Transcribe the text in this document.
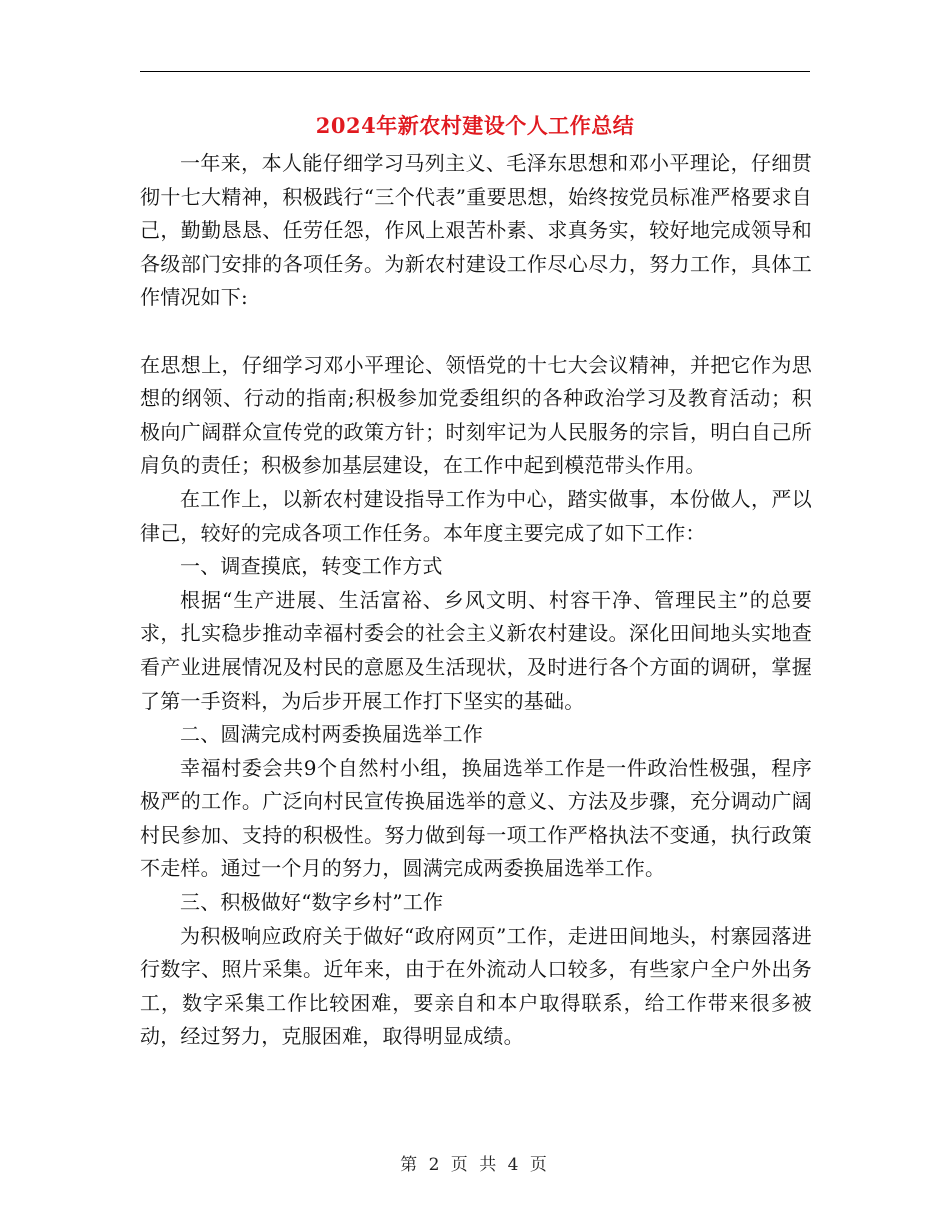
2024年新农村建设个人工作总结

一年来，本人能仔细学习马列主义、毛泽东思想和邓小平理论，仔细贯彻十七大精神，积极践行“三个代表”重要思想，始终按党员标准严格要求自己，勤勤恳恳、任劳任怨，作风上艰苦朴素、求真务实，较好地完成领导和各级部门安排的各项任务。为新农村建设工作尽心尽力，努力工作，具体工作情况如下:

在思想上，仔细学习邓小平理论、领悟党的十七大会议精神，并把它作为思想的纲领、行动的指南;积极参加党委组织的各种政治学习及教育活动；积极向广阔群众宣传党的政策方针；时刻牢记为人民服务的宗旨，明白自己所肩负的责任；积极参加基层建设，在工作中起到模范带头作用。

在工作上，以新农村建设指导工作为中心，踏实做事，本份做人，严以律己，较好的完成各项工作任务。本年度主要完成了如下工作：

一、调查摸底，转变工作方式

根据“生产进展、生活富裕、乡风文明、村容干净、管理民主”的总要求，扎实稳步推动幸福村委会的社会主义新农村建设。深化田间地头实地查看产业进展情况及村民的意愿及生活现状，及时进行各个方面的调研，掌握了第一手资料，为后步开展工作打下坚实的基础。

二、圆满完成村两委换届选举工作

幸福村委会共9个自然村小组，换届选举工作是一件政治性极强，程序极严的工作。广泛向村民宣传换届选举的意义、方法及步骤，充分调动广阔村民参加、支持的积极性。努力做到每一项工作严格执法不变通，执行政策不走样。通过一个月的努力，圆满完成两委换届选举工作。

三、积极做好“数字乡村”工作

为积极响应政府关于做好“政府网页”工作，走进田间地头，村寨园落进行数字、照片采集。近年来，由于在外流动人口较多，有些家户全户外出务工，数字采集工作比较困难，要亲自和本户取得联系，给工作带来很多被动，经过努力，克服困难，取得明显成绩。

第 2 页 共 4 页
